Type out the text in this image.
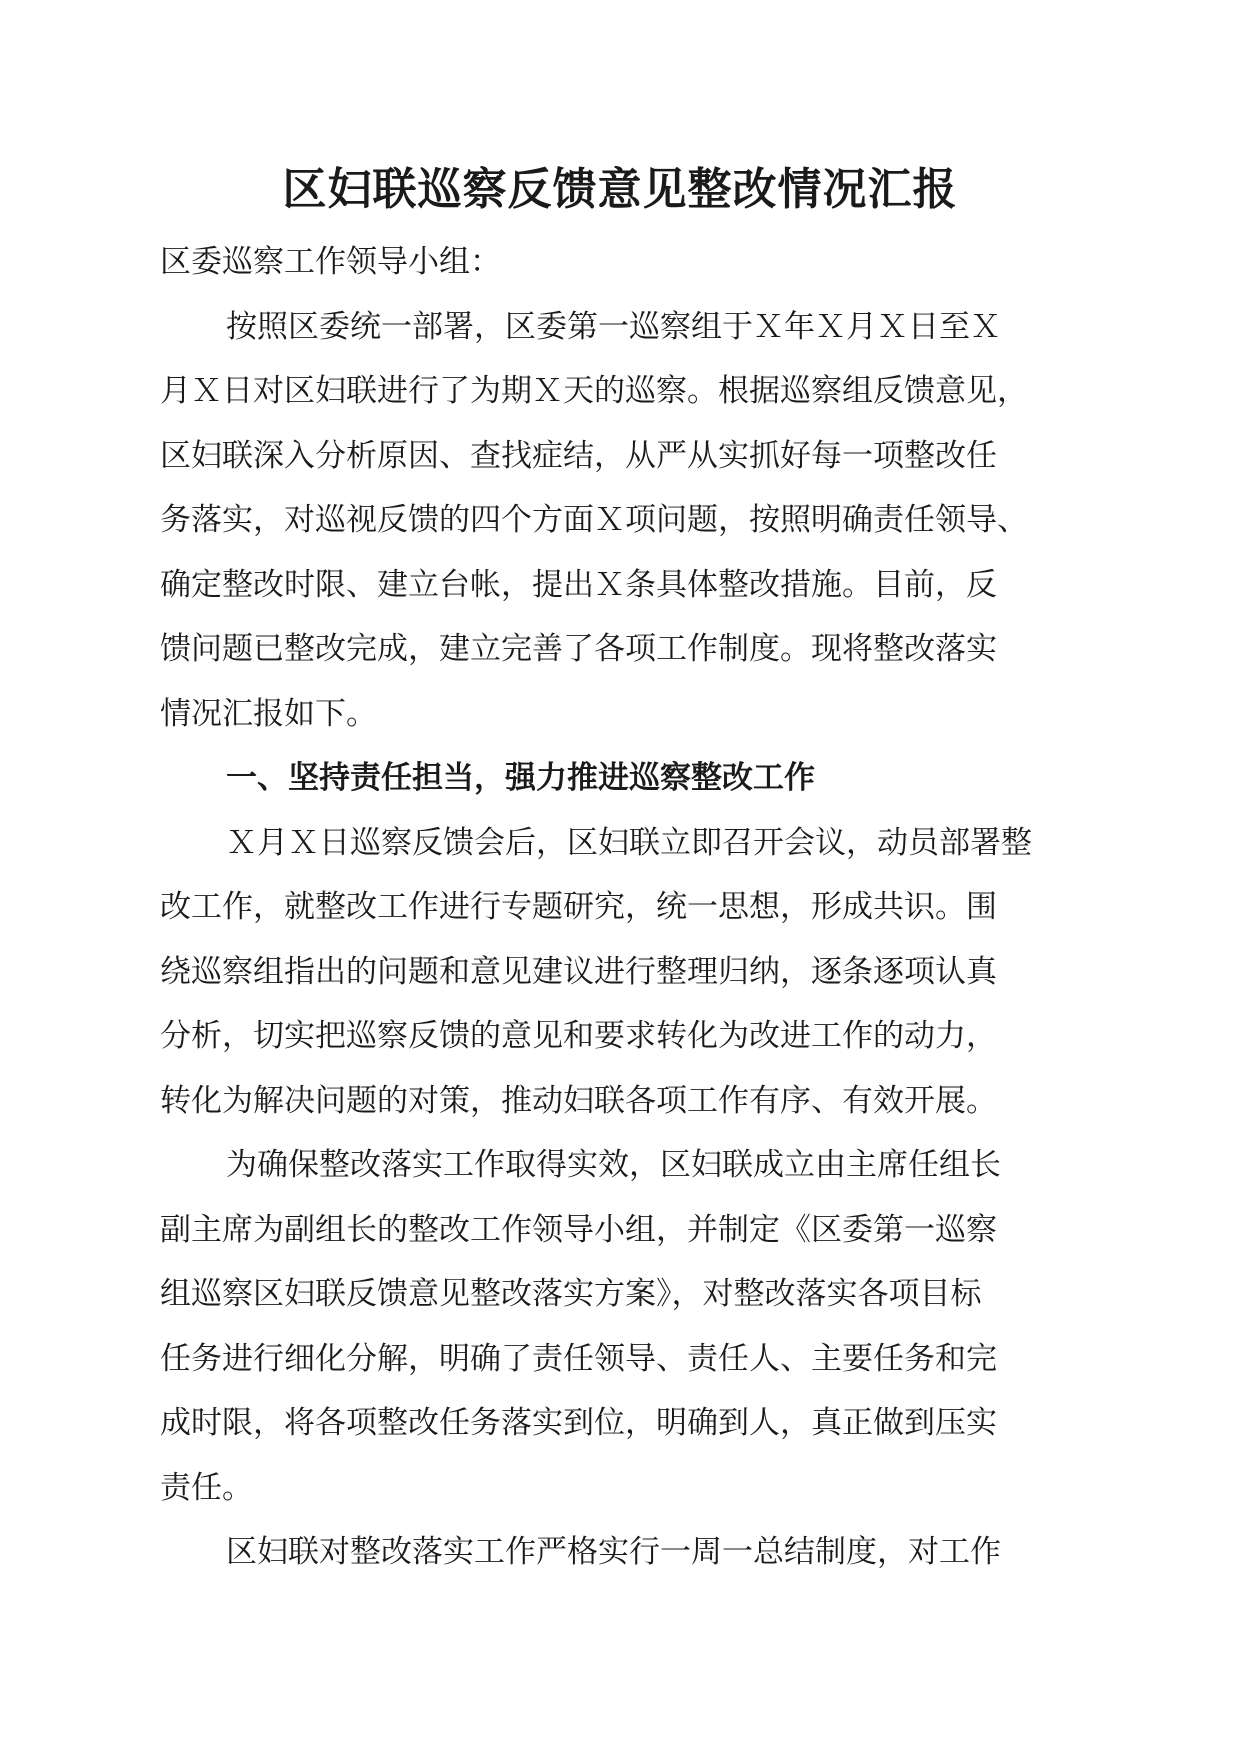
区妇联巡察反馈意见整改情况汇报
区委巡察工作领导小组：
按照区委统一部署，区委第一巡察组于Ｘ年Ｘ月Ｘ日至Ｘ
月Ｘ日对区妇联进行了为期Ｘ天的巡察。根据巡察组反馈意见，
区妇联深入分析原因、查找症结，从严从实抓好每一项整改任
务落实，对巡视反馈的四个方面Ｘ项问题，按照明确责任领导、
确定整改时限、建立台帐，提出Ｘ条具体整改措施。目前，反
馈问题已整改完成，建立完善了各项工作制度。现将整改落实
情况汇报如下。
一、坚持责任担当，强力推进巡察整改工作
Ｘ月Ｘ日巡察反馈会后，区妇联立即召开会议，动员部署整
改工作，就整改工作进行专题研究，统一思想，形成共识。围
绕巡察组指出的问题和意见建议进行整理归纳，逐条逐项认真
分析，切实把巡察反馈的意见和要求转化为改进工作的动力，
转化为解决问题的对策，推动妇联各项工作有序、有效开展。
为确保整改落实工作取得实效，区妇联成立由主席任组长
副主席为副组长的整改工作领导小组，并制定《区委第一巡察
组巡察区妇联反馈意见整改落实方案》，对整改落实各项目标
任务进行细化分解，明确了责任领导、责任人、主要任务和完
成时限，将各项整改任务落实到位，明确到人，真正做到压实
责任。
区妇联对整改落实工作严格实行一周一总结制度，对工作
